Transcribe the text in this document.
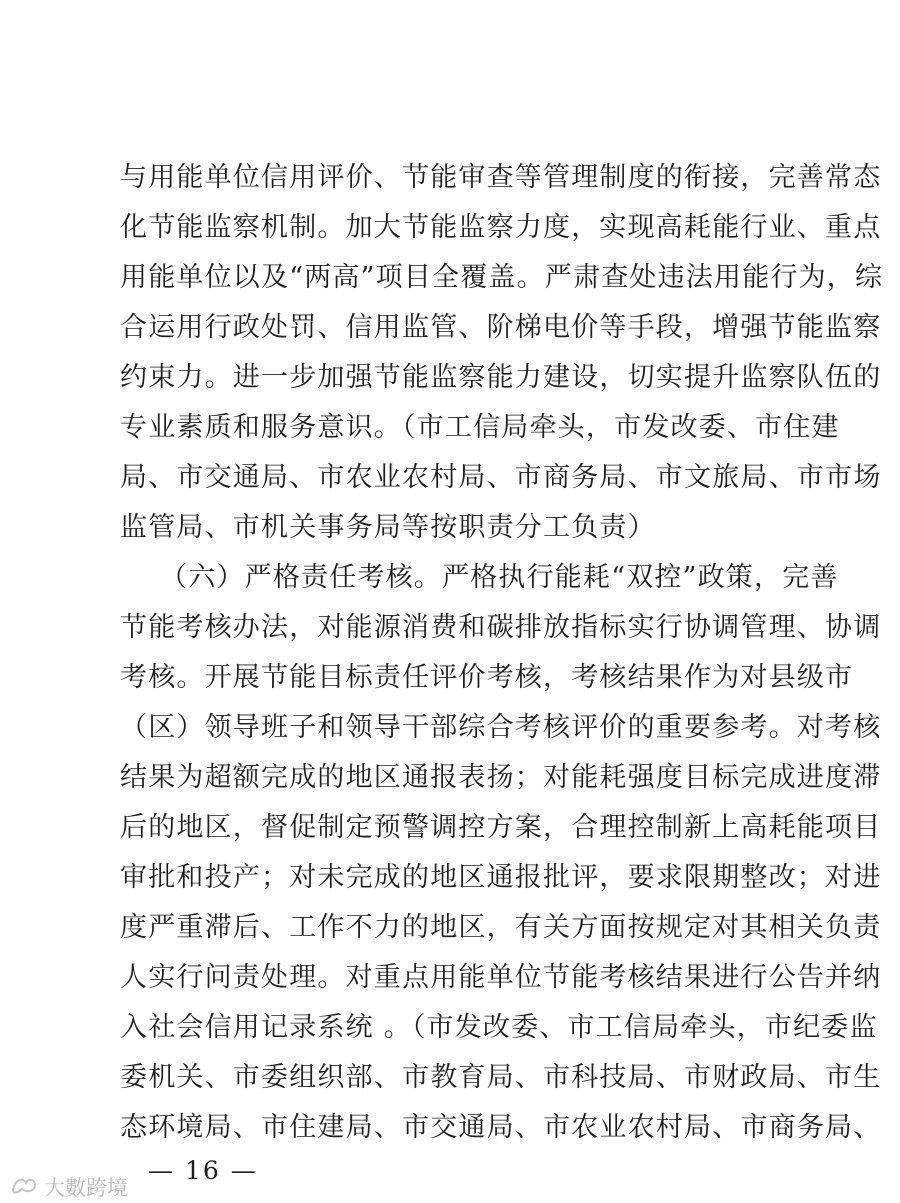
与用能单位信用评价、节能审查等管理制度的衔接，完善常态
化节能监察机制。加大节能监察力度，实现高耗能行业、重点
用能单位以及“两高”项目全覆盖。严肃查处违法用能行为，综
合运用行政处罚、信用监管、阶梯电价等手段，增强节能监察
约束力。进一步加强节能监察能力建设，切实提升监察队伍的
专业素质和服务意识。（市工信局牵头，市发改委、市住建
局、市交通局、市农业农村局、市商务局、市文旅局、市市场
监管局、市机关事务局等按职责分工负责）
（六）严格责任考核。严格执行能耗“双控”政策，完善
节能考核办法，对能源消费和碳排放指标实行协调管理、协调
考核。开展节能目标责任评价考核，考核结果作为对县级市
（区）领导班子和领导干部综合考核评价的重要参考。对考核
结果为超额完成的地区通报表扬；对能耗强度目标完成进度滞
后的地区，督促制定预警调控方案，合理控制新上高耗能项目
审批和投产；对未完成的地区通报批评，要求限期整改；对进
度严重滞后、工作不力的地区，有关方面按规定对其相关负责
人实行问责处理。对重点用能单位节能考核结果进行公告并纳
入社会信用记录系统 。（市发改委、市工信局牵头，市纪委监
委机关、市委组织部、市教育局、市科技局、市财政局、市生
态环境局、市住建局、市交通局、市农业农村局、市商务局、
— 16 —
大數跨境
